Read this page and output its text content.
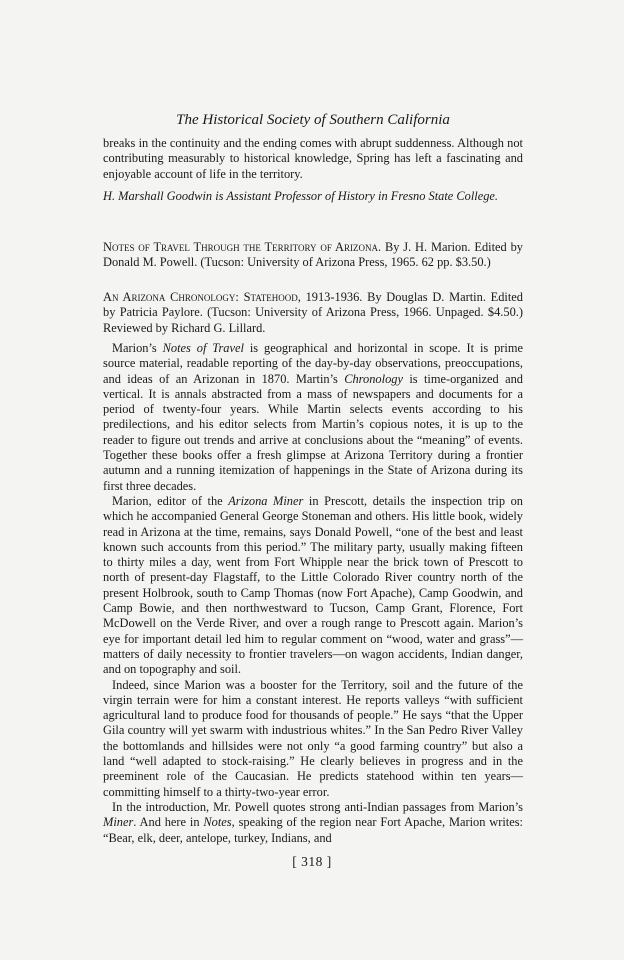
The Historical Society of Southern California

breaks in the continuity and the ending comes with abrupt suddenness. Although not contributing measurably to historical knowledge, Spring has left a fascinating and enjoyable account of life in the territory.

H. Marshall Goodwin is Assistant Professor of History in Fresno State College.

Notes of Travel Through the Territory of Arizona. By J. H. Marion. Edited by Donald M. Powell. (Tucson: University of Arizona Press, 1965. 62 pp. $3.50.)

An Arizona Chronology: Statehood, 1913-1936. By Douglas D. Martin. Edited by Patricia Paylore. (Tucson: University of Arizona Press, 1966. Unpaged. $4.50.) Reviewed by Richard G. Lillard.

Marion’s Notes of Travel is geographical and horizontal in scope. It is prime source material, readable reporting of the day-by-day observations, preoccupations, and ideas of an Arizonan in 1870. Martin’s Chronology is time-organized and vertical. It is annals abstracted from a mass of newspapers and documents for a period of twenty-four years. While Martin selects events according to his predilections, and his editor selects from Martin’s copious notes, it is up to the reader to figure out trends and arrive at conclusions about the “meaning” of events. Together these books offer a fresh glimpse at Arizona Territory during a frontier autumn and a running itemization of happenings in the State of Arizona during its first three decades.

Marion, editor of the Arizona Miner in Prescott, details the inspection trip on which he accompanied General George Stoneman and others. His little book, widely read in Arizona at the time, remains, says Donald Powell, “one of the best and least known such accounts from this period.” The military party, usually making fifteen to thirty miles a day, went from Fort Whipple near the brick town of Prescott to north of present-day Flagstaff, to the Little Colorado River country north of the present Holbrook, south to Camp Thomas (now Fort Apache), Camp Goodwin, and Camp Bowie, and then northwestward to Tucson, Camp Grant, Florence, Fort McDowell on the Verde River, and over a rough range to Prescott again. Marion’s eye for important detail led him to regular comment on “wood, water and grass”—matters of daily necessity to frontier travelers—on wagon accidents, Indian danger, and on topography and soil.

Indeed, since Marion was a booster for the Territory, soil and the future of the virgin terrain were for him a constant interest. He reports valleys “with sufficient agricultural land to produce food for thousands of people.” He says “that the Upper Gila country will yet swarm with industrious whites.” In the San Pedro River Valley the bottomlands and hillsides were not only “a good farming country” but also a land “well adapted to stock-raising.” He clearly believes in progress and in the preeminent role of the Caucasian. He predicts statehood within ten years—committing himself to a thirty-two-year error.

In the introduction, Mr. Powell quotes strong anti-Indian passages from Marion’s Miner. And here in Notes, speaking of the region near Fort Apache, Marion writes: “Bear, elk, deer, antelope, turkey, Indians, and

[ 318 ]
